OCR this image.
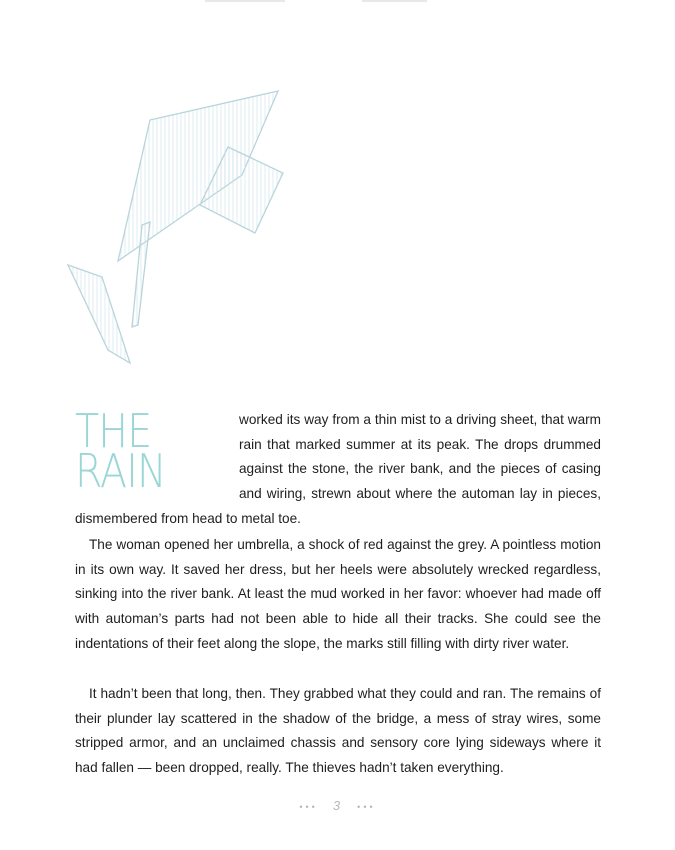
THE RAIN
worked its way from a thin mist to a driving sheet, that warm rain that marked summer at its peak. The drops drummed against the stone, the river bank, and the pieces of casing and wiring, strewn about where the automan lay in pieces, dismembered from head to metal toe.

The woman opened her umbrella, a shock of red against the grey. A pointless motion in its own way. It saved her dress, but her heels were absolutely wrecked regardless, sinking into the river bank. At least the mud worked in her favor: whoever had made off with automan’s parts had not been able to hide all their tracks. She could see the indentations of their feet along the slope, the marks still filling with dirty river water.

It hadn’t been that long, then. They grabbed what they could and ran. The remains of their plunder lay scattered in the shadow of the bridge, a mess of stray wires, some stripped armor, and an unclaimed chassis and sensory core lying sideways where it had fallen — been dropped, really. The thieves hadn’t taken everything.

••• 3 •••
